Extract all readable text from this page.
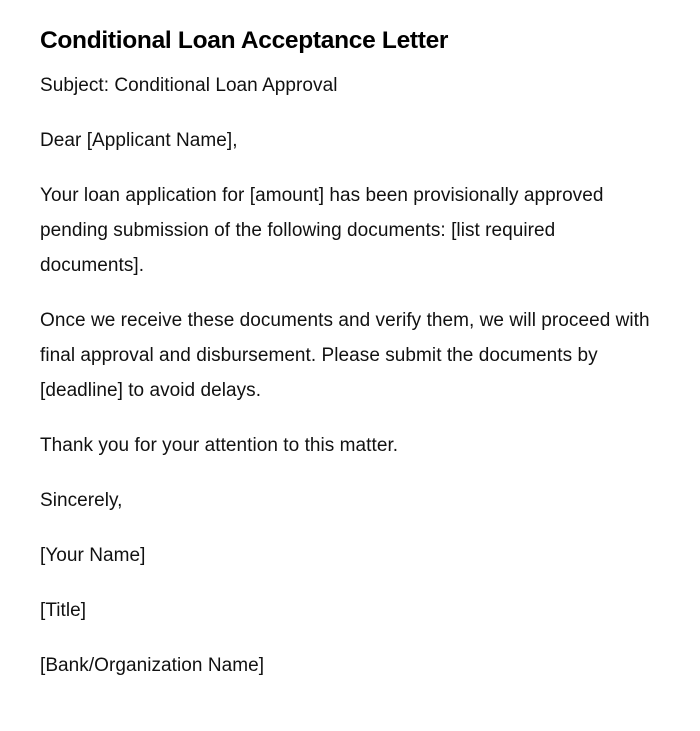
Conditional Loan Acceptance Letter

Subject: Conditional Loan Approval

Dear [Applicant Name],

Your loan application for [amount] has been provisionally approved pending submission of the following documents: [list required documents].

Once we receive these documents and verify them, we will proceed with final approval and disbursement. Please submit the documents by [deadline] to avoid delays.

Thank you for your attention to this matter.

Sincerely,

[Your Name]

[Title]

[Bank/Organization Name]
